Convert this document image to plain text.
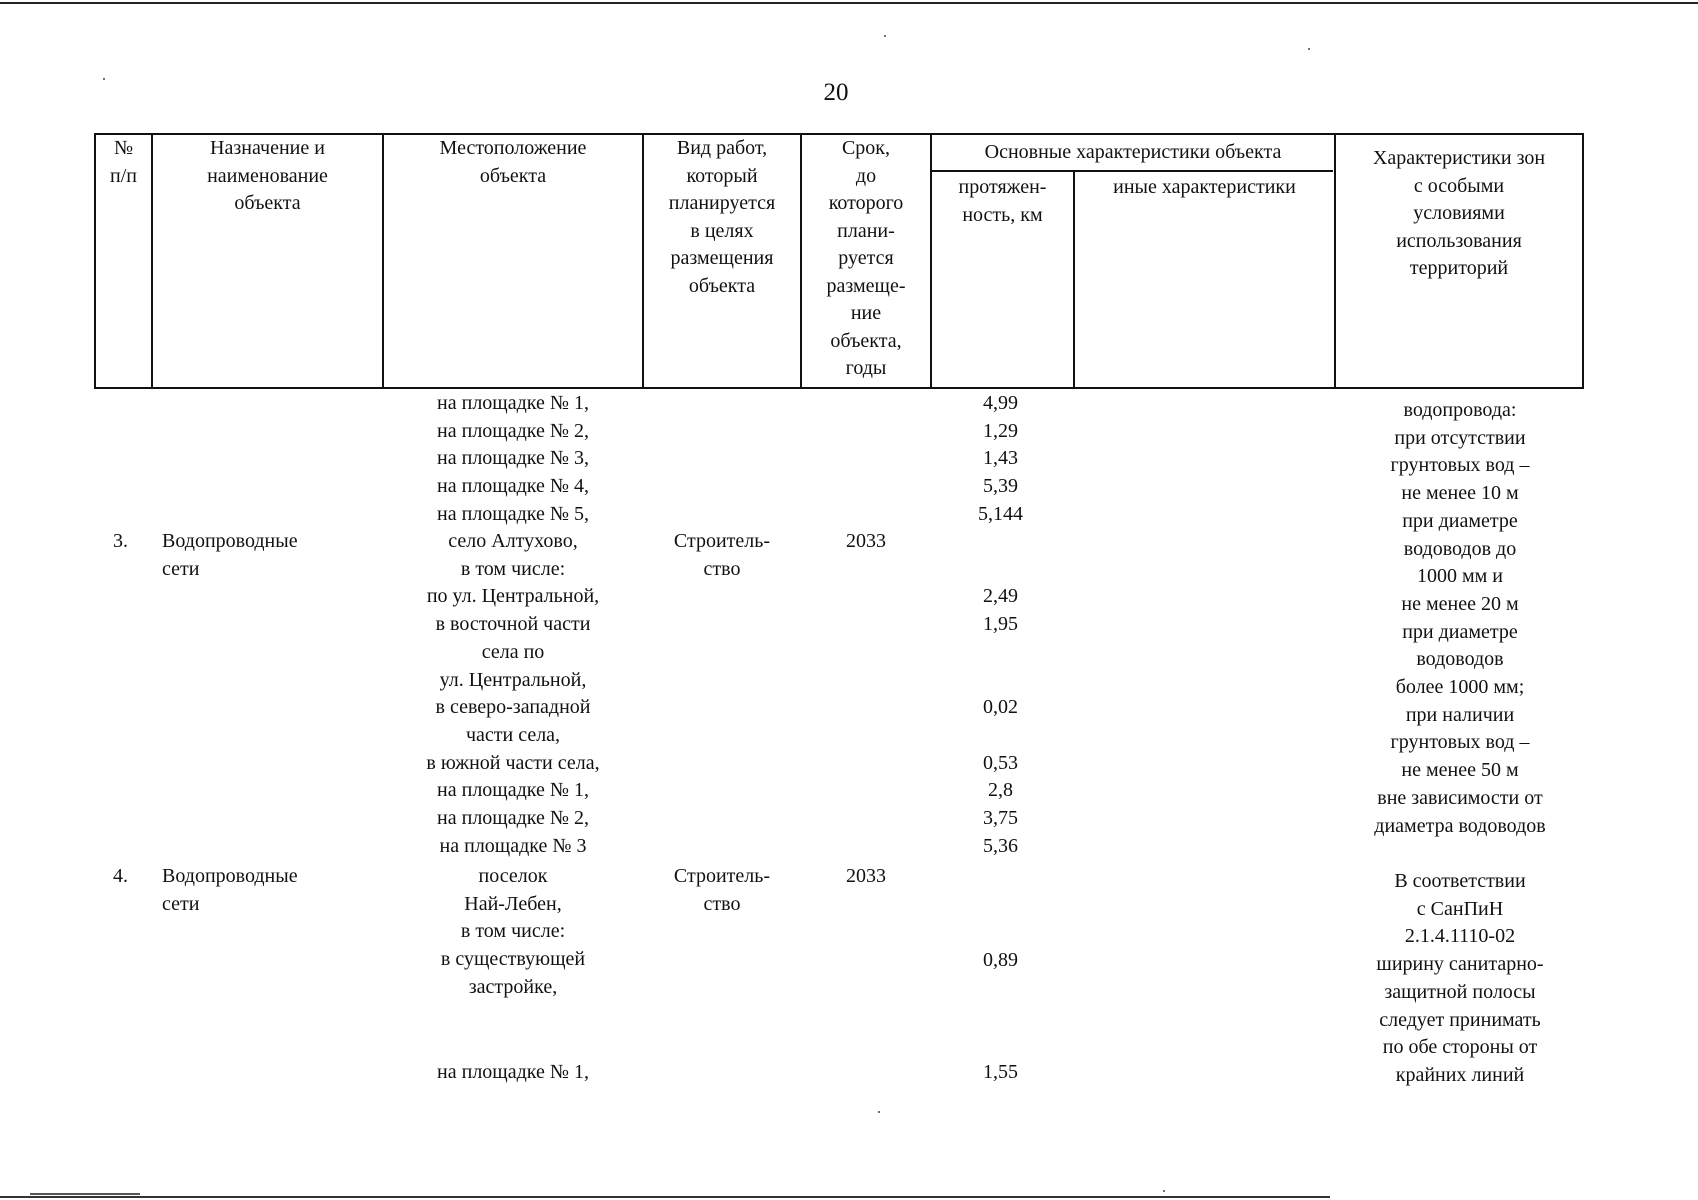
20
№
п/п
Назначение и
наименование
объекта
Местоположение
объекта
Вид работ,
который
планируется
в целях
размещения
объекта
Срок,
до
которого
плани-
руется
размеще-
ние
объекта,
годы
Основные характеристики объекта
протяжен-
ность, км
иные характеристики
Характеристики зон
с особыми
условиями
использования
территорий
на площадке № 1,
на площадке № 2,
на площадке № 3,
на площадке № 4,
на площадке № 5,
4,99
1,29
1,43
5,39
5,144
водопровода:
при отсутствии
грунтовых вод –
не менее 10 м
при диаметре
водоводов до
1000 мм и
не менее 20 м
при диаметре
водоводов
более 1000 мм;
при наличии
грунтовых вод –
не менее 50 м
вне зависимости от
диаметра водоводов
3.	Водопроводные
сети
село Алтухово,
в том числе:
по ул. Центральной,
в восточной части
села по
ул. Центральной,
в северо-западной
части села,
в южной части села,
на площадке № 1,
на площадке № 2,
на площадке № 3
Строитель-
ство
2033

2,49
1,95

0,02

0,53
2,8
3,75
5,36
4.	Водопроводные
сети
поселок
Най-Лебен,
в том числе:
в существующей
застройке,
на площадке № 1,
Строитель-
ство
2033
0,89
1,55
В соответствии
с СанПиН
2.1.4.1110-02
ширину санитарно-
защитной полосы
следует принимать
по обе стороны от
крайних линий
